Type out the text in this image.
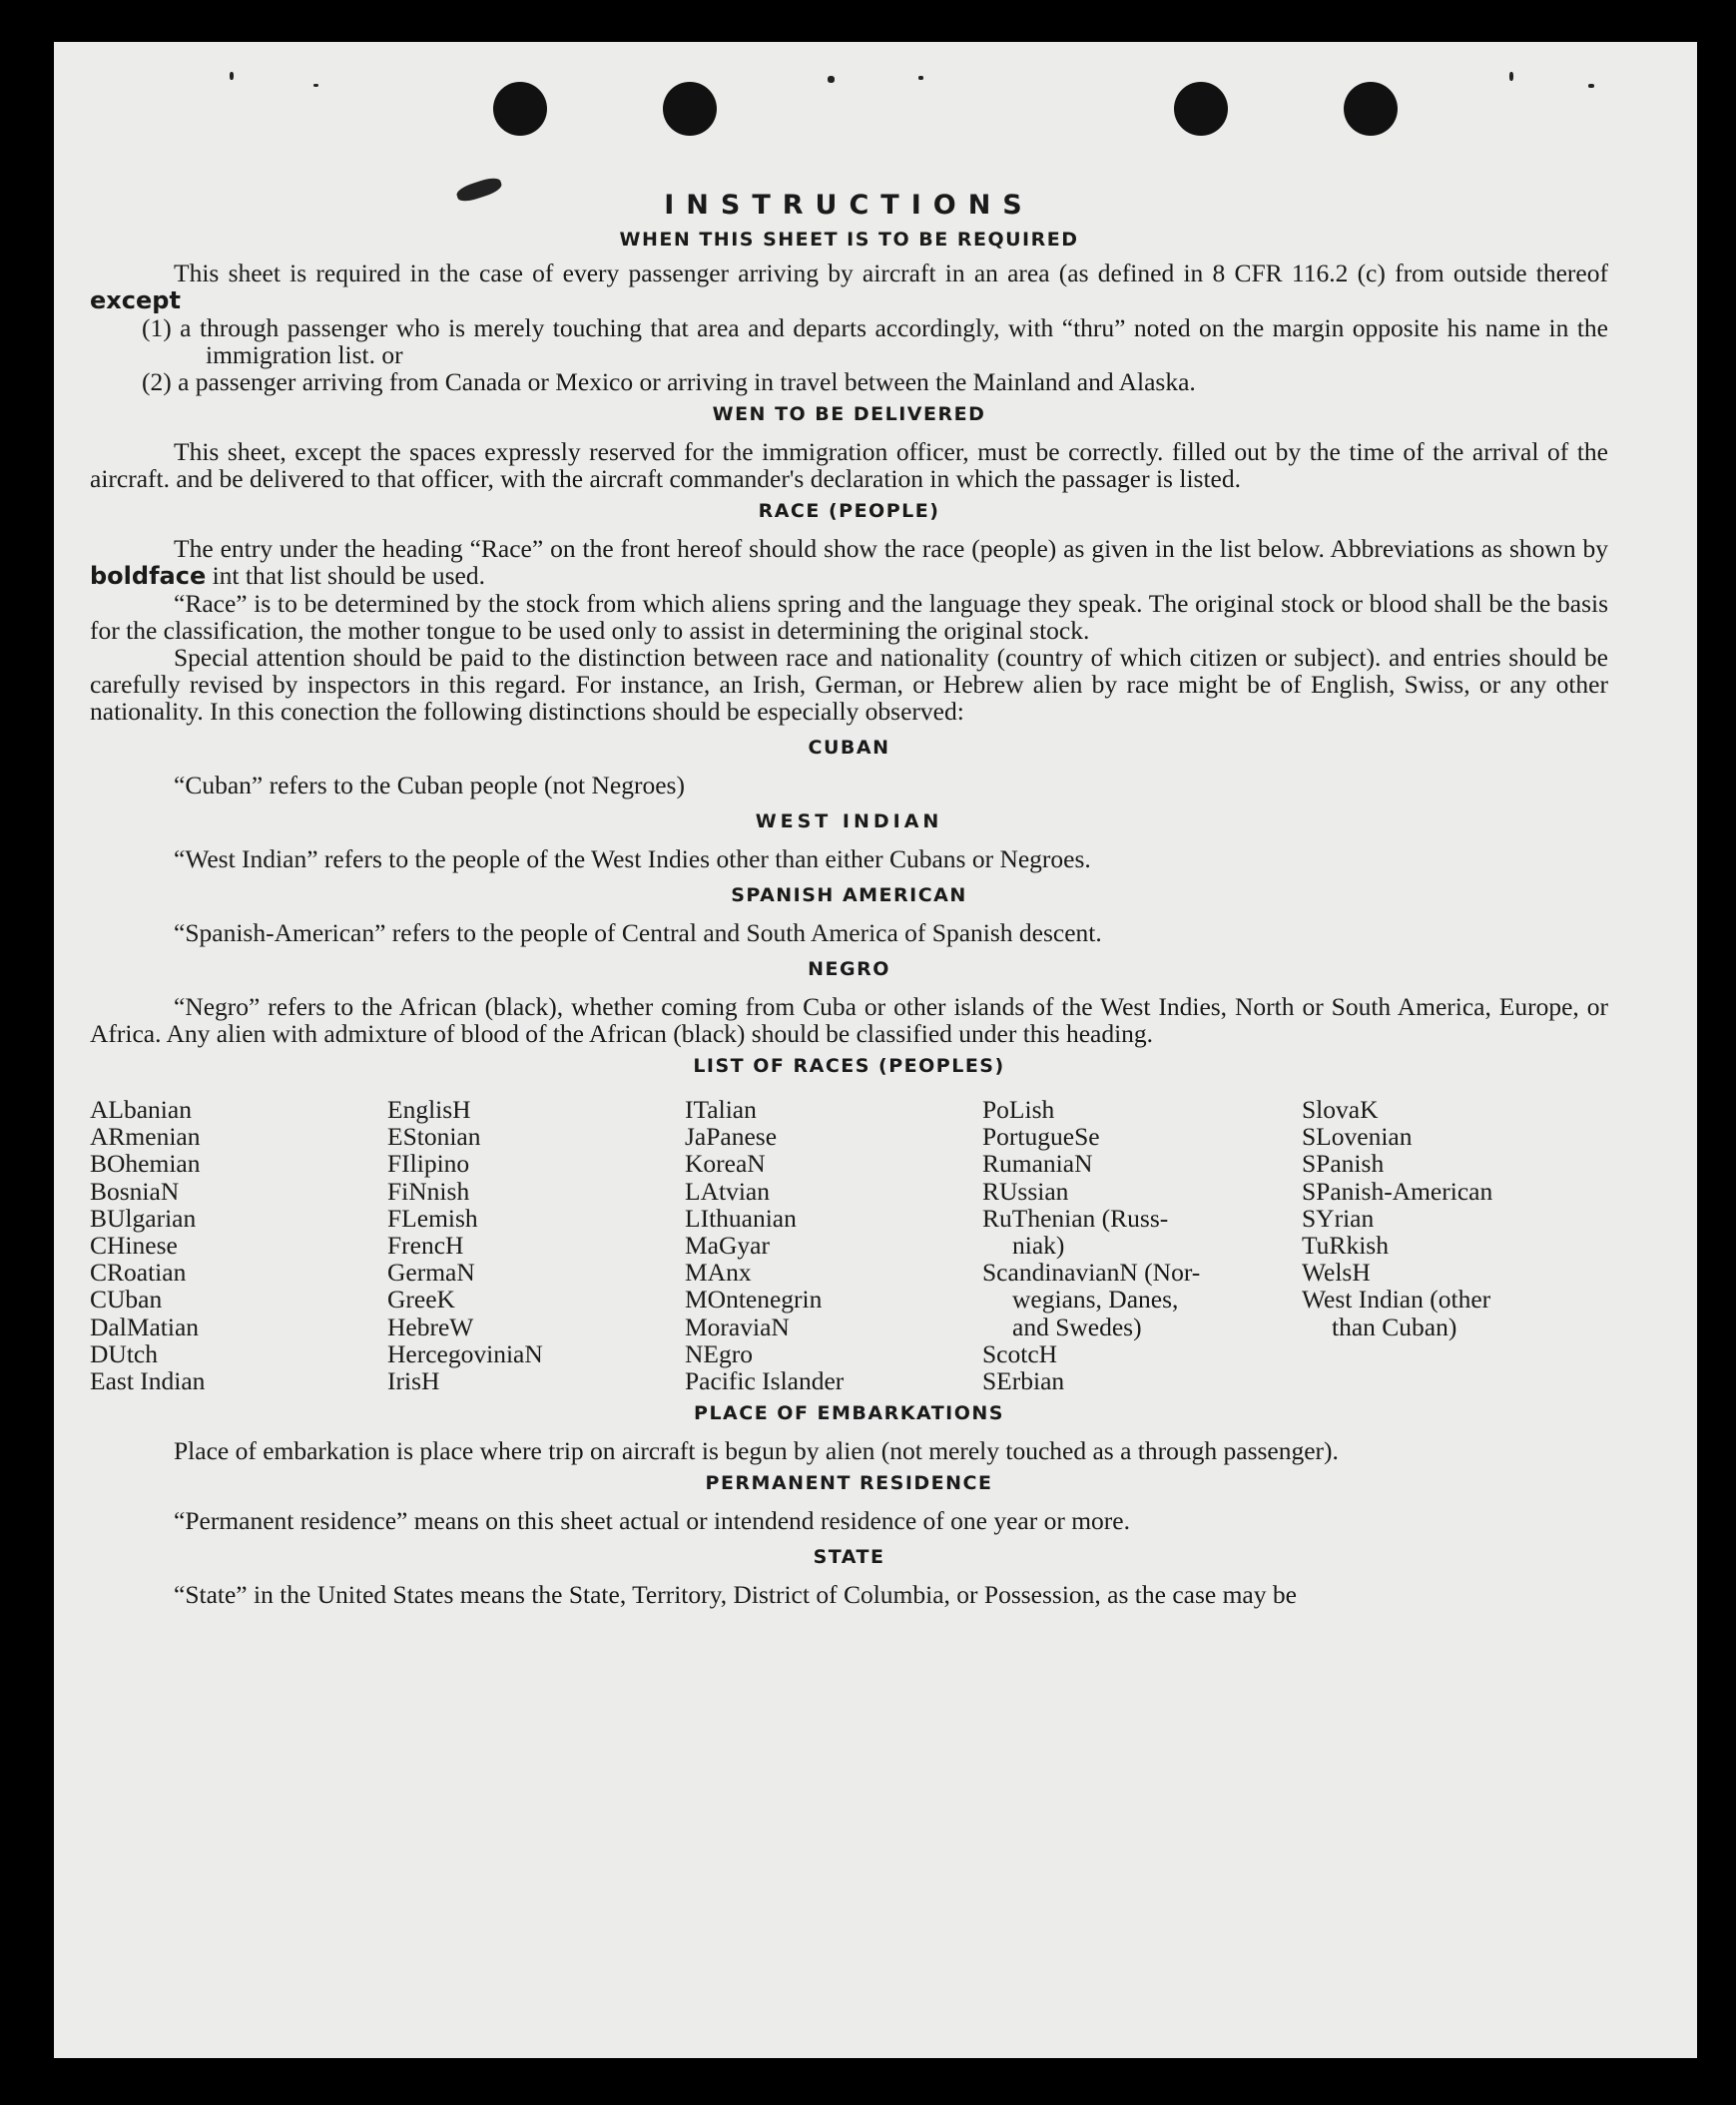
INSTRUCTIONS
WHEN THIS SHEET IS TO BE REQUIRED

This sheet is required in the case of every passenger arriving by aircraft in an area (as defined in 8 CFR 116.2 (c) from outside thereof except

(1) a through passenger who is merely touching that area and departs accordingly, with “thru” noted on the margin opposite his name in the immigration list. or

(2) a passenger arriving from Canada or Mexico or arriving in travel between the Mainland and Alaska.

WEN TO BE DELIVERED

This sheet, except the spaces expressly reserved for the immigration officer, must be correctly. filled out by the time of the arrival of the aircraft. and be delivered to that officer, with the aircraft commander's declaration in which the passager is listed.

RACE (PEOPLE)

The entry under the heading “Race” on the front hereof should show the race (people) as given in the list below. Abbreviations as shown by boldface int that list should be used.

“Race” is to be determined by the stock from which aliens spring and the language they speak. The original stock or blood shall be the basis for the classification, the mother tongue to be used only to assist in determining the original stock.

Special attention should be paid to the distinction between race and nationality (country of which citizen or subject). and entries should be carefully revised by inspectors in this regard. For instance, an Irish, German, or Hebrew alien by race might be of English, Swiss, or any other nationality. In this conection the following distinctions should be especially observed:

CUBAN

“Cuban” refers to the Cuban people (not Negroes)

WEST INDIAN

“West Indian” refers to the people of the West Indies other than either Cubans or Negroes.

SPANISH AMERICAN

“Spanish-American” refers to the people of Central and South America of Spanish descent.

NEGRO

“Negro” refers to the African (black), whether coming from Cuba or other islands of the West Indies, North or South America, Europe, or Africa. Any alien with admixture of blood of the African (black) should be classified under this heading.

LIST OF RACES (PEOPLES)
ALbanian
ARmenian
BOhemian
BosniaN
BUlgarian
CHinese
CRoatian
CUban
DalMatian
DUtch
East Indian
EnglisH
EStonian
FIlipino
FiNnish
FLemish
FrencH
GermaN
GreeK
HebreW
HercegoviniaN
IrisH
ITalian
JaPanese
KoreaN
LAtvian
LIthuanian
MaGyar
MAnx
MOntenegrin
MoraviaN
NEgro
Pacific Islander
PoLish
PortugueSe
RumaniaN
RUssian
RuThenian (Russ-
niak)
ScandinavianN (Nor-
wegians, Danes,
and Swedes)
ScotcH
SErbian
SlovaK
SLovenian
SPanish
SPanish-American
SYrian
TuRkish
WelsH
West Indian (other
than Cuban)
PLACE OF EMBARKATIONS

Place of embarkation is place where trip on aircraft is begun by alien (not merely touched as a through passenger).

PERMANENT RESIDENCE

“Permanent residence” means on this sheet actual or intendend residence of one year or more.

STATE

“State” in the United States means the State, Territory, District of Columbia, or Possession, as the case may be
